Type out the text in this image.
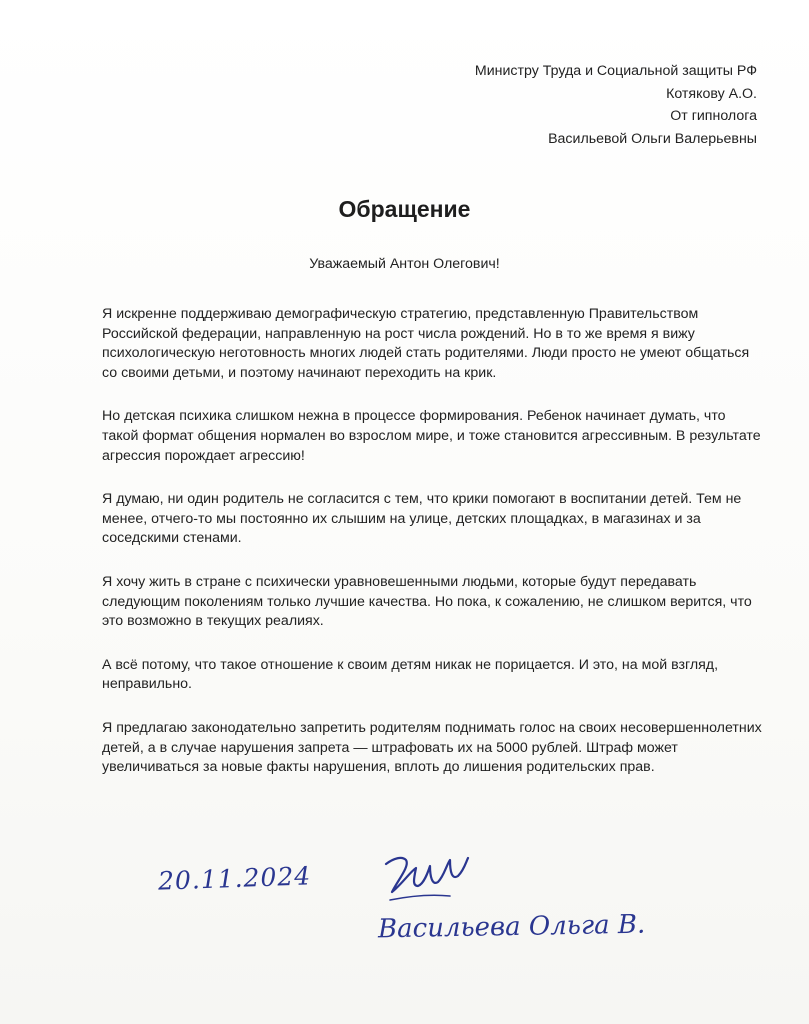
Министру Труда и Социальной защиты РФ
Котякову А.О.
От гипнолога
Васильевой Ольги Валерьевны
Обращение
Уважаемый Антон Олегович!

Я искренне поддерживаю демографическую стратегию, представленную Правительством Российской федерации, направленную на рост числа рождений. Но в то же время я вижу психологическую неготовность многих людей стать родителями. Люди просто не умеют общаться со своими детьми, и поэтому начинают переходить на крик.

Но детская психика слишком нежна в процессе формирования. Ребенок начинает думать, что такой формат общения нормален во взрослом мире, и тоже становится агрессивным. В результате агрессия порождает агрессию!

Я думаю, ни один родитель не согласится с тем, что крики помогают в воспитании детей. Тем не менее, отчего-то мы постоянно их слышим на улице, детских площадках, в магазинах и за соседскими стенами.

Я хочу жить в стране с психически уравновешенными людьми, которые будут передавать следующим поколениям только лучшие качества. Но пока, к сожалению, не слишком верится, что это возможно в текущих реалиях.

А всё потому, что такое отношение к своим детям никак не порицается. И это, на мой взгляд, неправильно.

Я предлагаю законодательно запретить родителям поднимать голос на своих несовершеннолетних детей, а в случае нарушения запрета — штрафовать их на 5000 рублей. Штраф может увеличиваться за новые факты нарушения, вплоть до лишения родительских прав.

20.11.2024
Васильева Ольга В.
